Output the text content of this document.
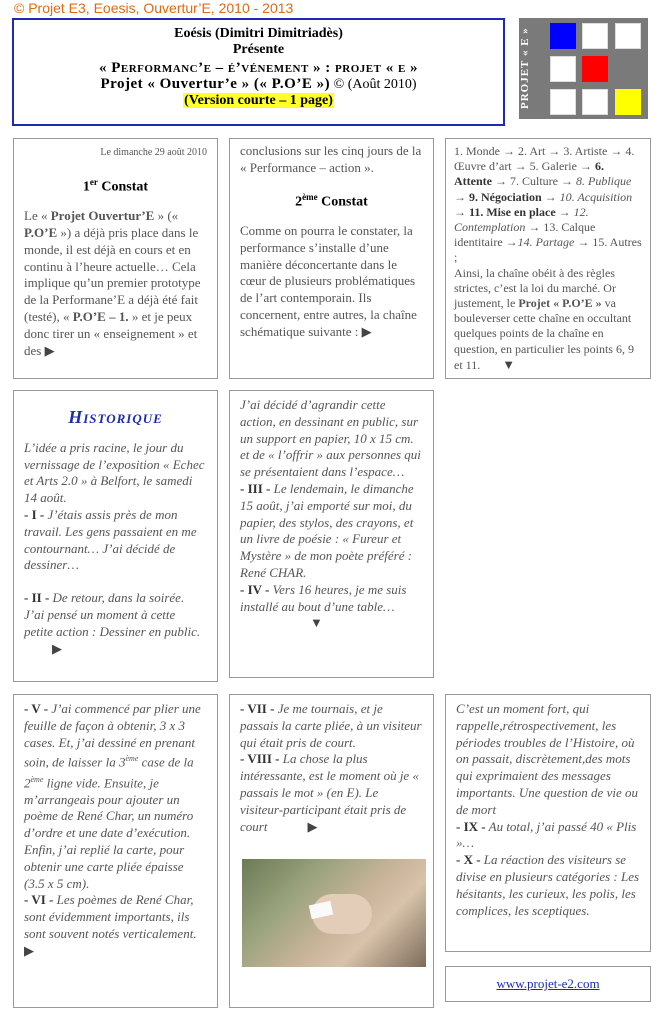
© Projet E3, Eoesis, Ouvertur’E, 2010 - 2013
Eoésis (Dimitri Dimitriadès)
Présente
« Performanc’e – é’vénement » : projet « e »
Projet « Ouvertur’e » (« P.O’E ») © (Août 2010)
(Version courte – 1 page)	PROJET « E »
Le dimanche 29 août 2010
1er Constat
Le « Projet Ouvertur’E » (« P.O’E ») a déjà pris place dans le monde, il est déjà en cours et en continu à l’heure actuelle… Cela implique qu’un premier prototype de la Performane’E a déjà été fait (testé), « P.O’E – 1. » et je peux donc tirer un « enseignement » et des ▶
conclusions sur les cinq jours de la « Performance – action ».
2ème Constat
Comme on pourra le constater, la performance s’installe d’une manière déconcertante dans le cœur de plusieurs problématiques de l’art contemporain. Ils concernent, entre autres, la chaîne schématique suivante : ▶
1. Monde → 2. Art → 3. Artiste → 4. Œuvre d’art → 5. Galerie → 6. Attente → 7. Culture → 8. Publique → 9. Négociation → 10. Acquisition → 11. Mise en place → 12. Contemplation → 13. Calque identitaire →14. Partage → 15. Autres ;
Ainsi, la chaîne obéit à des règles strictes, c’est la loi du marché. Or justement, le Projet « P.O’E » va bouleverser cette chaîne en occultant quelques points de la chaîne en question, en particulier les points 6, 9 et 11. ▼
Historique
L’idée a pris racine, le jour du vernissage de l’exposition « Echec et Arts 2.0 » à Belfort, le samedi 14 août.
- I - J’étais assis près de mon travail. Les gens passaient en me contournant… J’ai décidé de dessiner…
- II - De retour, dans la soirée. J’ai pensé un moment à cette petite action : Dessiner en public.▶
J’ai décidé d’agrandir cette action, en dessinant en public, sur un support en papier, 10 x 15 cm. et de « l’offrir » aux personnes qui se présentaient dans l’espace…
- III - Le lendemain, le dimanche 15 août, j’ai emporté sur moi, du papier, des stylos, des crayons, et un livre de poésie : « Fureur et Mystère » de mon poète préféré : René CHAR.
- IV - Vers 16 heures, je me suis installé au bout d’une table…▼
- V - J’ai commencé par plier une feuille de façon à obtenir, 3 x 3 cases. Et, j’ai dessiné en prenant soin, de laisser la 3ème case de la 2ème ligne vide. Ensuite, je m’arrangeais pour ajouter un poème de René Char, un numéro d’ordre et une date d’exécution. Enfin, j’ai replié la carte, pour obtenir une carte pliée épaisse (3.5 x 5 cm).
- VI - Les poèmes de René Char, sont évidemment importants, ils sont souvent notés verticalement.
▶
- VII - Je me tournais, et je passais la carte pliée, à un visiteur qui était pris de court.
- VIII - La chose la plus intéressante, est le moment où je « passais le mot » (en E). Le visiteur-participant était pris de court	▶
C’est un moment fort, qui rappelle,rétrospectivement, les périodes troubles de l’Histoire, où on passait, discrètement,des mots qui exprimaient des messages importants. Une question de vie ou de mort
- IX - Au total, j’ai passé 40 « Plis »…
- X - La réaction des visiteurs se divise en plusieurs catégories : Les hésitants, les curieux, les polis, les complices, les sceptiques.
www.projet-e2.com
